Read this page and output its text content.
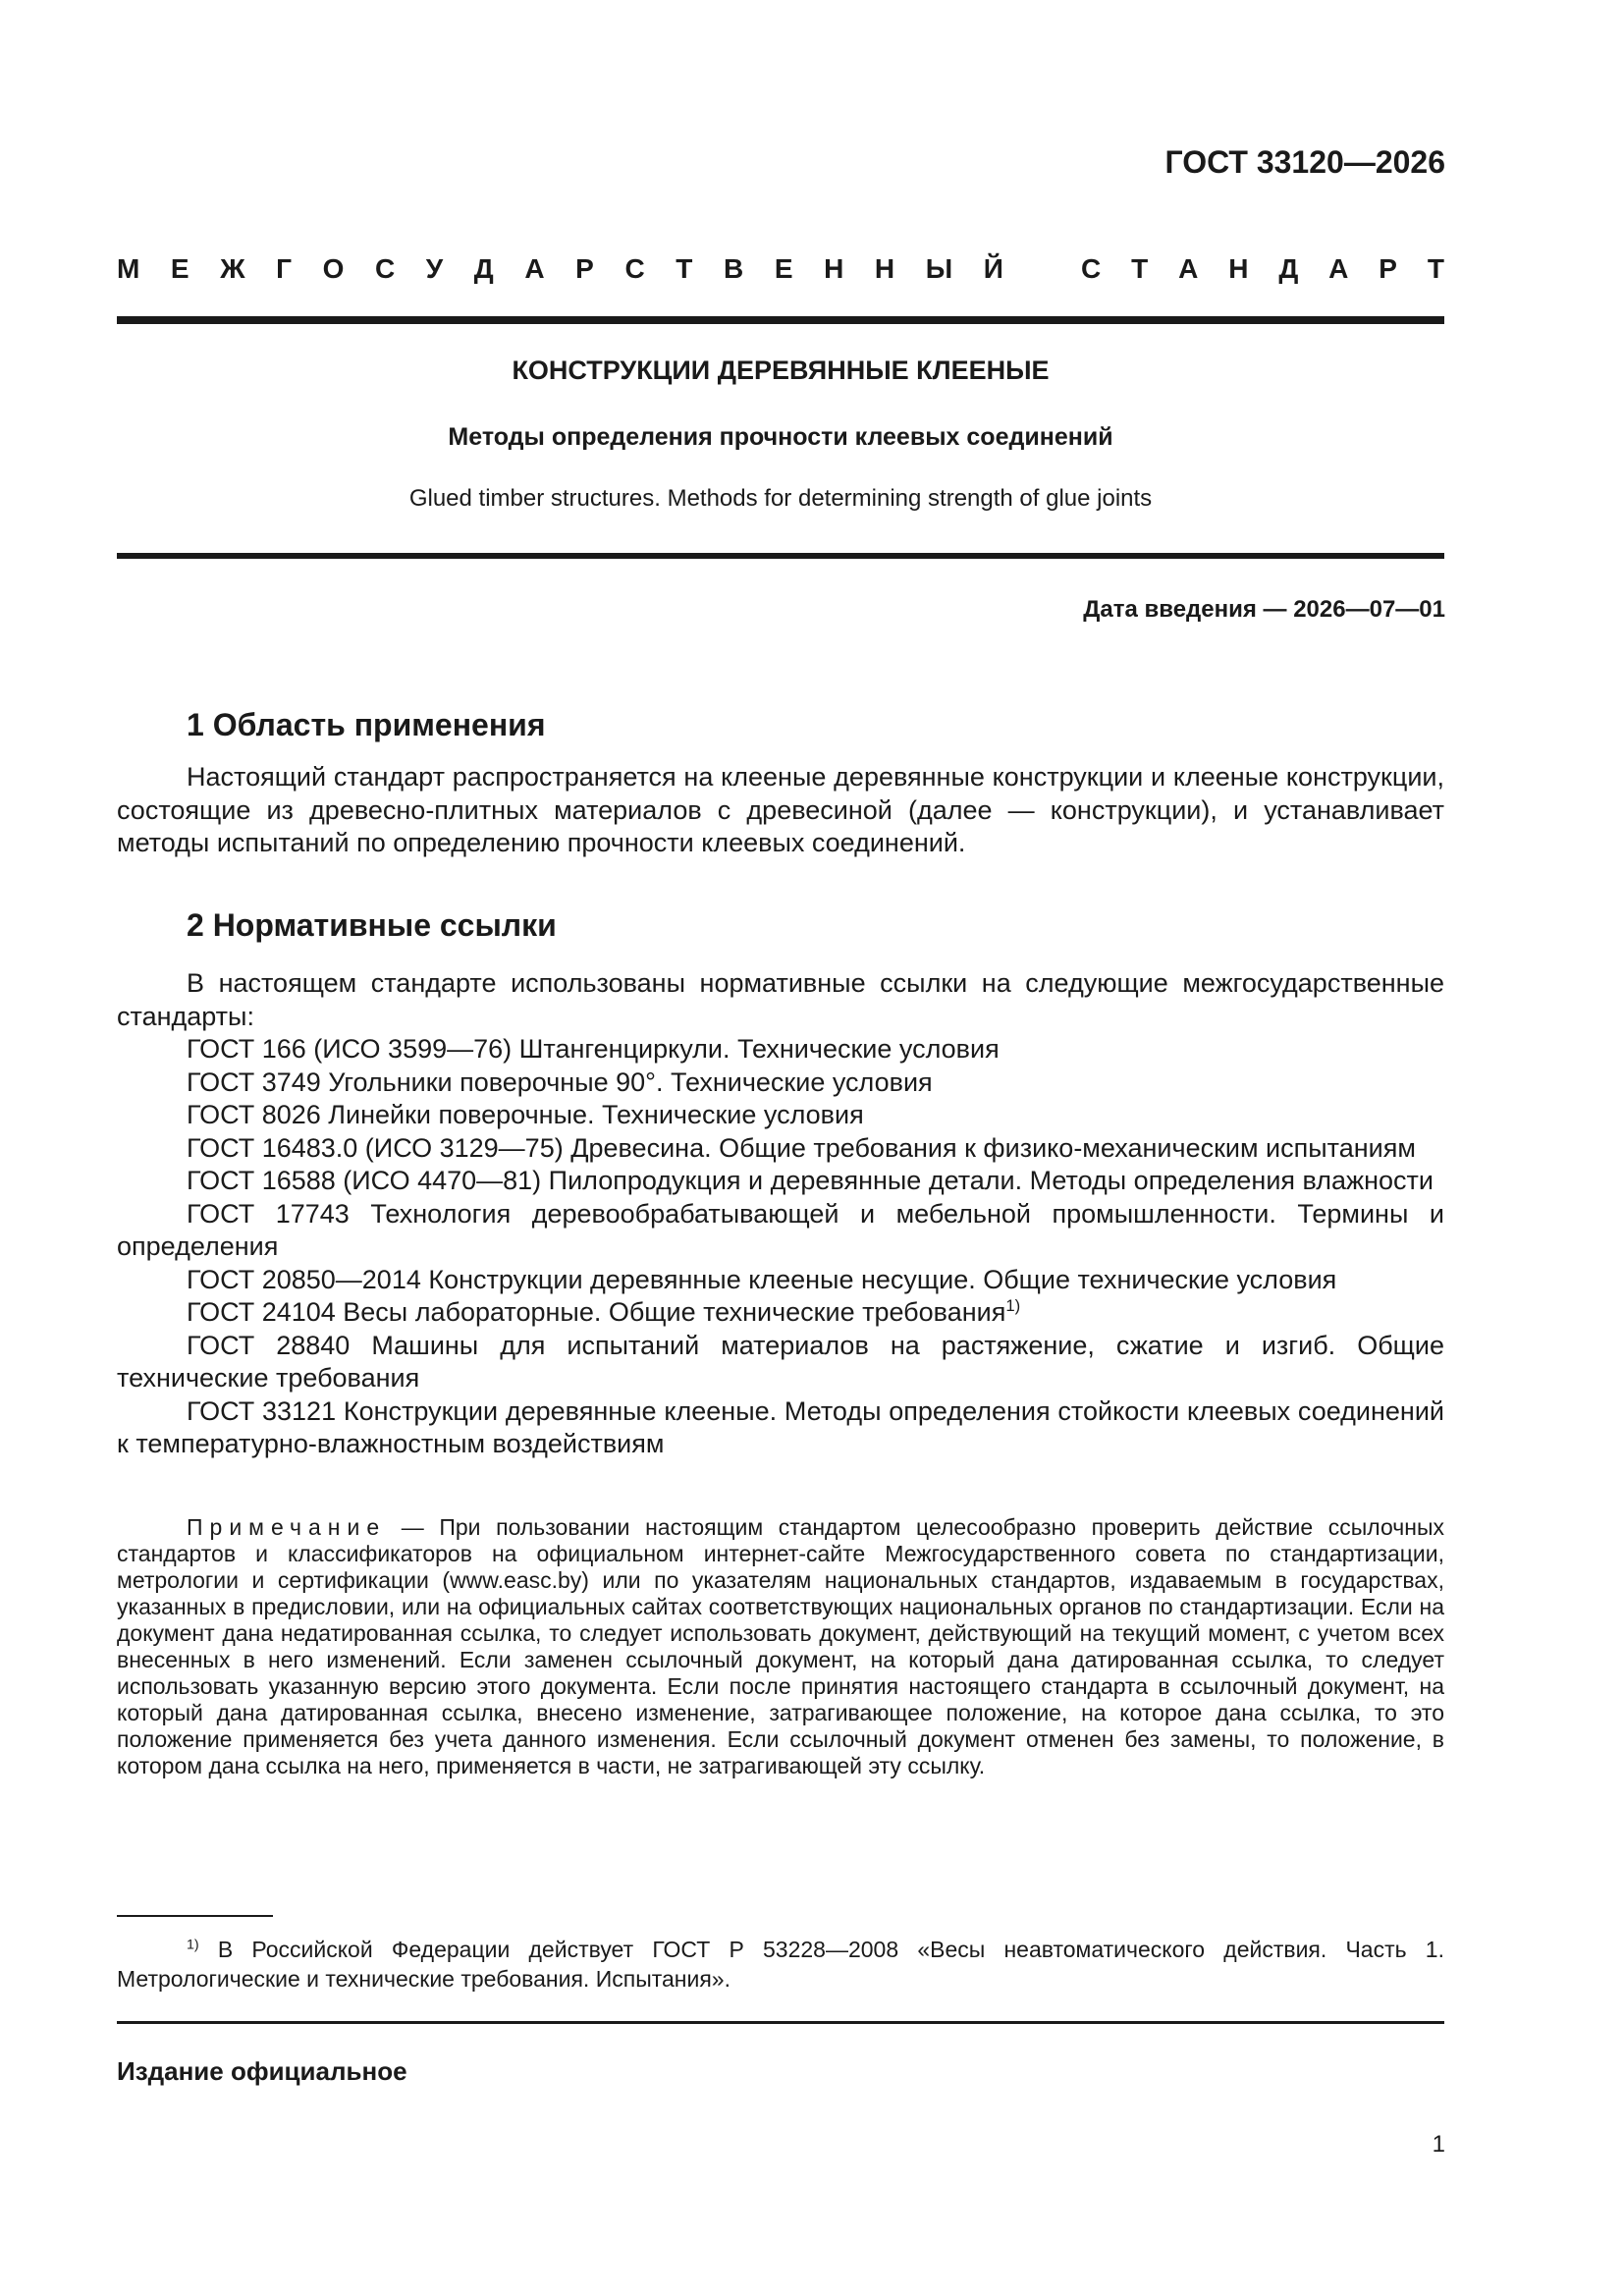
ГОСТ 33120—2026

М Е Ж Г О С У Д А Р С Т В Е Н Н Ы Й	С Т А Н Д А Р Т

КОНСТРУКЦИИ ДЕРЕВЯННЫЕ КЛЕЕНЫЕ

Методы определения прочности клеевых соединений

Glued timber structures. Methods for determining strength of glue joints

Дата введения — 2026—07—01

1 Область применения

Настоящий стандарт распространяется на клееные деревянные конструкции и клееные конструкции, состоящие из древесно-плитных материалов с древесиной (далее — конструкции), и устанавливает методы испытаний по определению прочности клеевых соединений.

2 Нормативные ссылки

В настоящем стандарте использованы нормативные ссылки на следующие межгосударственные стандарты:

ГОСТ 166 (ИСО 3599—76) Штангенциркули. Технические условия
ГОСТ 3749 Угольники поверочные 90°. Технические условия
ГОСТ 8026 Линейки поверочные. Технические условия
ГОСТ 16483.0 (ИСО 3129—75) Древесина. Общие требования к физико-механическим испытаниям
ГОСТ 16588 (ИСО 4470—81) Пилопродукция и деревянные детали. Методы определения влажности
ГОСТ 17743 Технология деревообрабатывающей и мебельной промышленности. Термины и определения
ГОСТ 20850—2014 Конструкции деревянные клееные несущие. Общие технические условия
ГОСТ 24104 Весы лабораторные. Общие технические требования$^{1)}$
ГОСТ 28840 Машины для испытаний материалов на растяжение, сжатие и изгиб. Общие технические требования
ГОСТ 33121 Конструкции деревянные клееные. Методы определения стойкости клеевых соединений к температурно-влажностным воздействиям

Примечание — При пользовании настоящим стандартом целесообразно проверить действие ссылочных стандартов и классификаторов на официальном интернет-сайте Межгосударственного совета по стандартизации, метрологии и сертификации (www.easc.by) или по указателям национальных стандартов, издаваемым в государствах, указанных в предисловии, или на официальных сайтах соответствующих национальных органов по стандартизации. Если на документ дана недатированная ссылка, то следует использовать документ, действующий на текущий момент, с учетом всех внесенных в него изменений. Если заменен ссылочный документ, на который дана датированная ссылка, то следует использовать указанную версию этого документа. Если после принятия настоящего стандарта в ссылочный документ, на который дана датированная ссылка, внесено изменение, затрагивающее положение, на которое дана ссылка, то это положение применяется без учета данного изменения. Если ссылочный документ отменен без замены, то положение, в котором дана ссылка на него, применяется в части, не затрагивающей эту ссылку.

$^{1)}$ В Российской Федерации действует ГОСТ Р 53228—2008 «Весы неавтоматического действия. Часть 1. Метрологические и технические требования. Испытания».

Издание официальное

1
